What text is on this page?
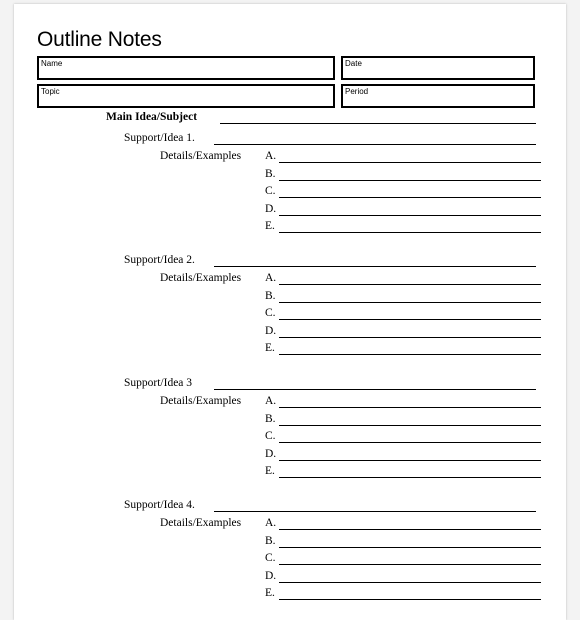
Outline Notes
Name	Date
Topic	Period
Main Idea/Subject
Support/Idea 1.
Details/Examples A.
B.
C.
D.
E.
Support/Idea 2.
Details/Examples A.
B.
C.
D.
E.
Support/Idea 3
Details/Examples A.
B.
C.
D.
E.
Support/Idea 4.
Details/Examples A.
B.
C.
D.
E.
